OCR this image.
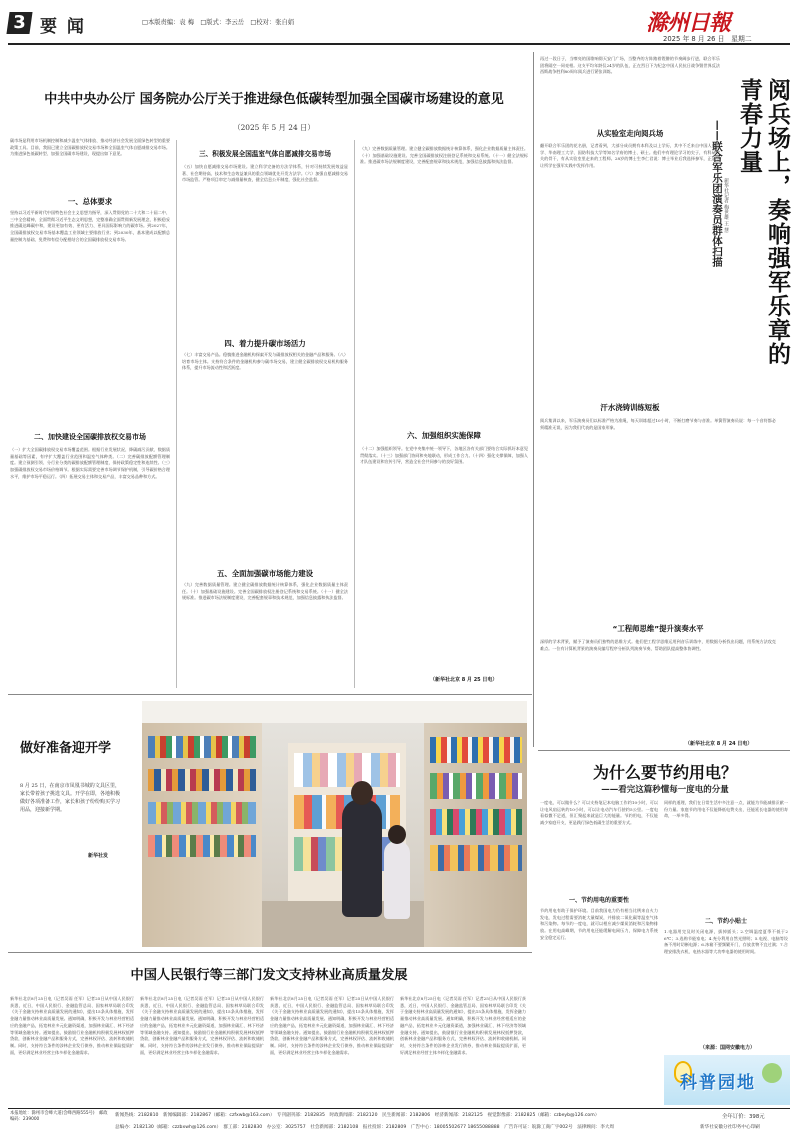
3 要 闻	□本版责编：袁 梅　□版式：李云岳　□校对：张自娟	滁州日報
2025 年 8 月 26 日　星期二
中共中央办公厅 国务院办公厅关于推进绿色低碳转型加强全国碳市场建设的意见
（2025 年 5 月 24 日）
碳市场是利用市场机制控制和减少温室气体排放、推动经济社会发展全面绿色转型的重要政策工具。目前，我国已建立全国碳排放权交易市场和全国温室气体自愿减排交易市场。为推进绿色低碳转型、加强全国碳市场建设，现提出如下意见。
一、总体要求
坚持以习近平新时代中国特色社会主义思想为指导，深入贯彻党的二十大和二十届二中、三中全会精神，全面贯彻习近平生态文明思想，完整准确全面贯彻新发展理念，积极稳妥推进碳达峰碳中和，建设更加有效、更有活力、更具国际影响力的碳市场。到2027年，全国碳排放权交易市场基本覆盖工业领域主要排放行业；到2030年，基本建成以配额总量控制为基础、免费和有偿分配相结合的全国碳排放权交易市场。
二、加快建设全国碳排放权交易市场
（一）扩大全国碳排放权交易市场覆盖范围。根据行业发展状况、降碳减污贡献、数据质量基础等因素，有序扩大覆盖行业范围和温室气体种类。（二）完善碳排放配额管理制度。建立预测引领、分行业分类的碳排放配额管理制度，保持政策稳定性和连续性。（三）加强碳排放权交易市场价格调节。根据实际需要完善市场调节保护机制，引导碳价格合理水平，维护市场平稳运行。（四）拓展交易主体和交易产品，丰富交易品种和方式。
三、积极发展全国温室气体自愿减排交易市场
（五）加快自愿减排交易市场建设。建立科学完备的方法学体系，针对可持续发展效益显著、社会期待高、技术和生态效益兼具的重点领域优先开发方法学。（六）加强自愿减排交易市场监管。严格项目审定与减排量核查，健全信息公开制度，强化社会监督。
四、着力提升碳市场活力
（七）丰富交易产品。稳慎推进金融机构探索开发与碳排放权相关的金融产品和服务。（八）培育市场主体。支持符合条件的金融机构参与碳市场交易，建立健全碳排放权交易机构服务体系，提升市场流动性和活跃度。
五、全面加强碳市场能力建设
（九）完善数据质量管理。建立健全碳排放数据统计核算体系，强化企业数据质量主体责任。（十）加强基础设施建设。完善全国碳排放权注册登记系统和交易系统。（十一）健全法规标准。推进碳市场法规制度建设，完善配套规章和技术规范，加强信息披露和执法监督。
（九）完善数据质量管理。建立健全碳排放数据统计核算体系，强化企业数据质量主体责任。（十）加强基础设施建设。完善全国碳排放权注册登记系统和交易系统。（十一）健全法规标准。推进碳市场法规制度建设，完善配套规章和技术规范，加强信息披露和执法监督。
六、加强组织实施保障
（十二）加强组织领导。在党中央集中统一领导下，各地区各有关部门要结合实际抓好本意见贯彻落实。（十三）加强部门协同和央地联动，形成工作合力。（十四）强化支撑保障，加强人才队伍建设和宣传引导，营造全社会共同参与的良好氛围。
（新华社北京 8 月 25 日电）
做好准备迎开学
8 月 25 日，在南京市凤凰书城的文具区里，家长带着孩子挑选文具。开学在即，各地积极做好各项准备工作，家长和孩子纷纷购买学习用品，迎接新学期。
新华社发
中国人民银行等三部门发文支持林业高质量发展
新华社北京8月25日电（记者吴雨 任军）记者25日从中国人民银行获悉，近日，中国人民银行、金融监管总局、国家林草局联合印发《关于金融支持林业高质量发展的通知》，提出15条具体措施，发挥金融力量推动林业高质量发展。通知明确，积极开发与林业经营相适应的金融产品，拓宽林业多元化融资渠道，加强林业碳汇、林下经济等领域金融支持。通知提出，鼓励银行业金融机构积极发展林权抵押贷款，创新林业金融产品和服务方式，完善林权评估、流转和收储机制。同时，支持符合条件的涉林企业发行债券，推动林业保险提质扩面，更好满足林业经营主体多样化金融需求。
新华社北京8月25日电（记者吴雨 任军）记者25日从中国人民银行获悉，近日，中国人民银行、金融监管总局、国家林草局联合印发《关于金融支持林业高质量发展的通知》，提出15条具体措施，发挥金融力量推动林业高质量发展。通知明确，积极开发与林业经营相适应的金融产品，拓宽林业多元化融资渠道，加强林业碳汇、林下经济等领域金融支持。通知提出，鼓励银行业金融机构积极发展林权抵押贷款，创新林业金融产品和服务方式，完善林权评估、流转和收储机制。同时，支持符合条件的涉林企业发行债券，推动林业保险提质扩面，更好满足林业经营主体多样化金融需求。
新华社北京8月25日电（记者吴雨 任军）记者25日从中国人民银行获悉，近日，中国人民银行、金融监管总局、国家林草局联合印发《关于金融支持林业高质量发展的通知》，提出15条具体措施，发挥金融力量推动林业高质量发展。通知明确，积极开发与林业经营相适应的金融产品，拓宽林业多元化融资渠道，加强林业碳汇、林下经济等领域金融支持。通知提出，鼓励银行业金融机构积极发展林权抵押贷款，创新林业金融产品和服务方式，完善林权评估、流转和收储机制。同时，支持符合条件的涉林企业发行债券，推动林业保险提质扩面，更好满足林业经营主体多样化金融需求。
新华社北京8月25日电（记者吴雨 任军）记者25日从中国人民银行获悉，近日，中国人民银行、金融监管总局、国家林草局联合印发《关于金融支持林业高质量发展的通知》，提出15条具体措施，发挥金融力量推动林业高质量发展。通知明确，积极开发与林业经营相适应的金融产品，拓宽林业多元化融资渠道，加强林业碳汇、林下经济等领域金融支持。通知提出，鼓励银行业金融机构积极发展林权抵押贷款，创新林业金融产品和服务方式，完善林权评估、流转和收储机制。同时，支持符合条件的涉林企业发行债券，推动林业保险提质扩面，更好满足林业经营主体多样化金融需求。
再过一段日子，当嘹亮的国歌响彻天安门广场，当整齐的方阵踏着铿锵的节奏阔步行进，联合军乐团将隔空一同亮相。这支平均年龄仅24岁的队伍，正在烈日下为纪念中国人民抗日战争暨世界反法西斯战争胜利80周年阅兵进行紧张训练。
从实验室走向阅兵场
翻开联合军乐团的花名册，记者看到，大部分成员拥有本科及以上学历，其中不乏来自中国人民大学、华南理工大学、国防科技大学等知名学府的博士、硕士。他们中有理论学习的尖子，有科研攻关的骨干，有从实验室里走来的工程师。28岁的博士生李仁君说：博士毕业后我选择参军，正是想让所学在强军实践中发挥作用。
汗水浇铸训练短板
阅兵集训以来，军乐演奏员们以标准严格为准绳，每天训练超过10小时，不断打磨节奏与音准。单簧管演奏员说：每一个音符都必须精准无误，因为我们代表的是国家形象。
“工程师思维”提升演奏水平
深厚的学术背景，赋予了演奏员们独特的思维方式。他们把工程学思维运用到音乐训练中，用数据分析找出问题，用系统方法攻克难点。一位有计算机背景的演奏员编写程序分析队列演奏节奏，帮助团队提高整体协调性。
（新华社北京 8 月 24 日电）
阅兵场上，奏响强军乐章的青春力量
——联合军乐团演奏员群体扫描 新华社记者 梅世雄 王 慧
为什么要节约用电？
——看完这篇秒懂每一度电的分量
一度电，可以做什么？可以支持笔记本电脑工作约10小时，可以让电风扇运转约10小时，可以让电动汽车行驶约5公里。一度电看似微不足道，但汇聚起来就是巨大的能量。节约用电，不仅能减少家庭开支，更是践行绿色低碳生活的重要方式。
一、节约用电的重要性
节约用电有助于保护环境。目前我国电力仍有相当比例来自火力发电，发电过程需要消耗大量煤炭，并排放二氧化碳等温室气体和污染物。每节约一度电，就可以相应减少煤炭消耗和污染物排放。在用电高峰期，节约用电还能缓解电网压力，保障电力系统安全稳定运行。
同样的道理，我们在日常生活中多注意一点，就能为节能减排贡献一份力量。家庭节约用电不仅能降低电费支出，还能延长电器的使用寿命，一举多得。
二、节约小贴士
1.电器用完及时关闭电源，拔掉插头；2.空调温度夏季不低于26℃；3.选购节能家电；4.充分利用自然光照明；5.电视、电脑等设备不用时切断电源；6.冰箱不要频繁开门，存放食物不宜过满；7.合理安排洗衣机、电热水器等大功率电器的使用时间。
（来源：国网安徽电力）
科普园地
本报地址：滁州市会峰大道(会峰西路555号)　邮政编码：239000
新闻热线：2182810　新闻编辑部：2182867（邮箱：czfxwb@163.com）　专刊副刊部：2182835　时政新闻部：2182120　民生新闻部：2182806　经济新闻部：2182125　视觉影像部：2182825（邮箱：czbeyb@126.com）
总编办：2182130（邮箱：czzbxwh@126.com）　群工部：2182830　办公室：3025757　社会新闻部：2182108　报社投诉：2182809　广告中心：18005502677 18655088888　广告许可证：皖滁工商广字002号　法律顾问：李大周
全年订价：398元
新华社安徽分社印务中心印刷
